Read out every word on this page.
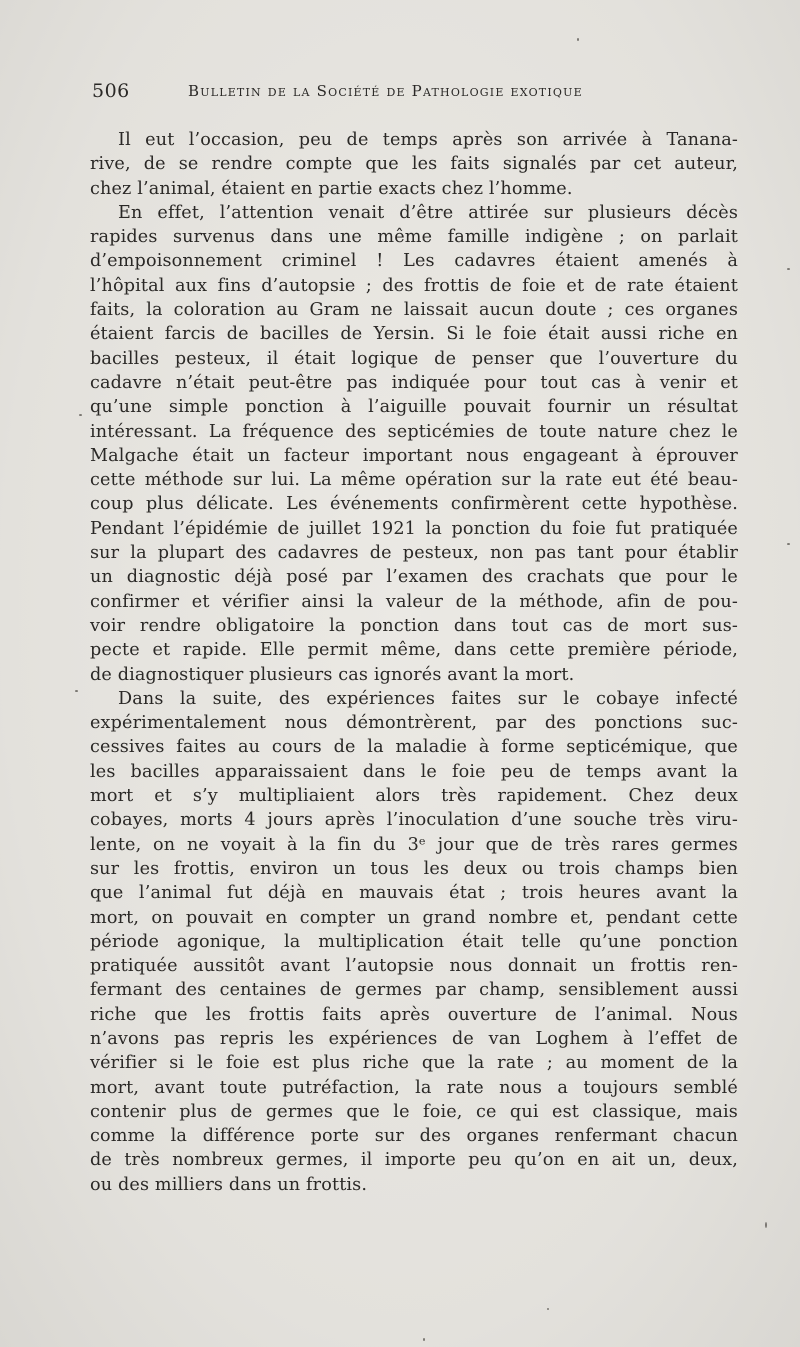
506	Bulletin de la Société de Pathologie exotique
Il eut l’occasion, peu de temps après son arrivée à Tanana-
rive, de se rendre compte que les faits signalés par cet auteur,
chez l’animal, étaient en partie exacts chez l’homme.
En effet, l’attention venait d’être attirée sur plusieurs décès
rapides survenus dans une même famille indigène ; on parlait
d’empoisonnement criminel ! Les cadavres étaient amenés à
l’hôpital aux fins d’autopsie ; des frottis de foie et de rate étaient
faits, la coloration au Gram ne laissait aucun doute ; ces organes
étaient farcis de bacilles de Yersin. Si le foie était aussi riche en
bacilles pesteux, il était logique de penser que l’ouverture du
cadavre n’était peut-être pas indiquée pour tout cas à venir et
qu’une simple ponction à l’aiguille pouvait fournir un résultat
intéressant. La fréquence des septicémies de toute nature chez le
Malgache était un facteur important nous engageant à éprouver
cette méthode sur lui. La même opération sur la rate eut été beau-
coup plus délicate. Les événements confirmèrent cette hypothèse.
Pendant l’épidémie de juillet 1921 la ponction du foie fut pratiquée
sur la plupart des cadavres de pesteux, non pas tant pour établir
un diagnostic déjà posé par l’examen des crachats que pour le
confirmer et vérifier ainsi la valeur de la méthode, afin de pou-
voir rendre obligatoire la ponction dans tout cas de mort sus-
pecte et rapide. Elle permit même, dans cette première période,
de diagnostiquer plusieurs cas ignorés avant la mort.
Dans la suite, des expériences faites sur le cobaye infecté
expérimentalement nous démontrèrent, par des ponctions suc-
cessives faites au cours de la maladie à forme septicémique, que
les bacilles apparaissaient dans le foie peu de temps avant la
mort et s’y multipliaient alors très rapidement. Chez deux
cobayes, morts 4 jours après l’inoculation d’une souche très viru-
lente, on ne voyait à la fin du 3ᵉ jour que de très rares germes
sur les frottis, environ un tous les deux ou trois champs bien
que l’animal fut déjà en mauvais état ; trois heures avant la
mort, on pouvait en compter un grand nombre et, pendant cette
période agonique, la multiplication était telle qu’une ponction
pratiquée aussitôt avant l’autopsie nous donnait un frottis ren-
fermant des centaines de germes par champ, sensiblement aussi
riche que les frottis faits après ouverture de l’animal. Nous
n’avons pas repris les expériences de van Loghem à l’effet de
vérifier si le foie est plus riche que la rate ; au moment de la
mort, avant toute putréfaction, la rate nous a toujours semblé
contenir plus de germes que le foie, ce qui est classique, mais
comme la différence porte sur des organes renfermant chacun
de très nombreux germes, il importe peu qu’on en ait un, deux,
ou des milliers dans un frottis.
